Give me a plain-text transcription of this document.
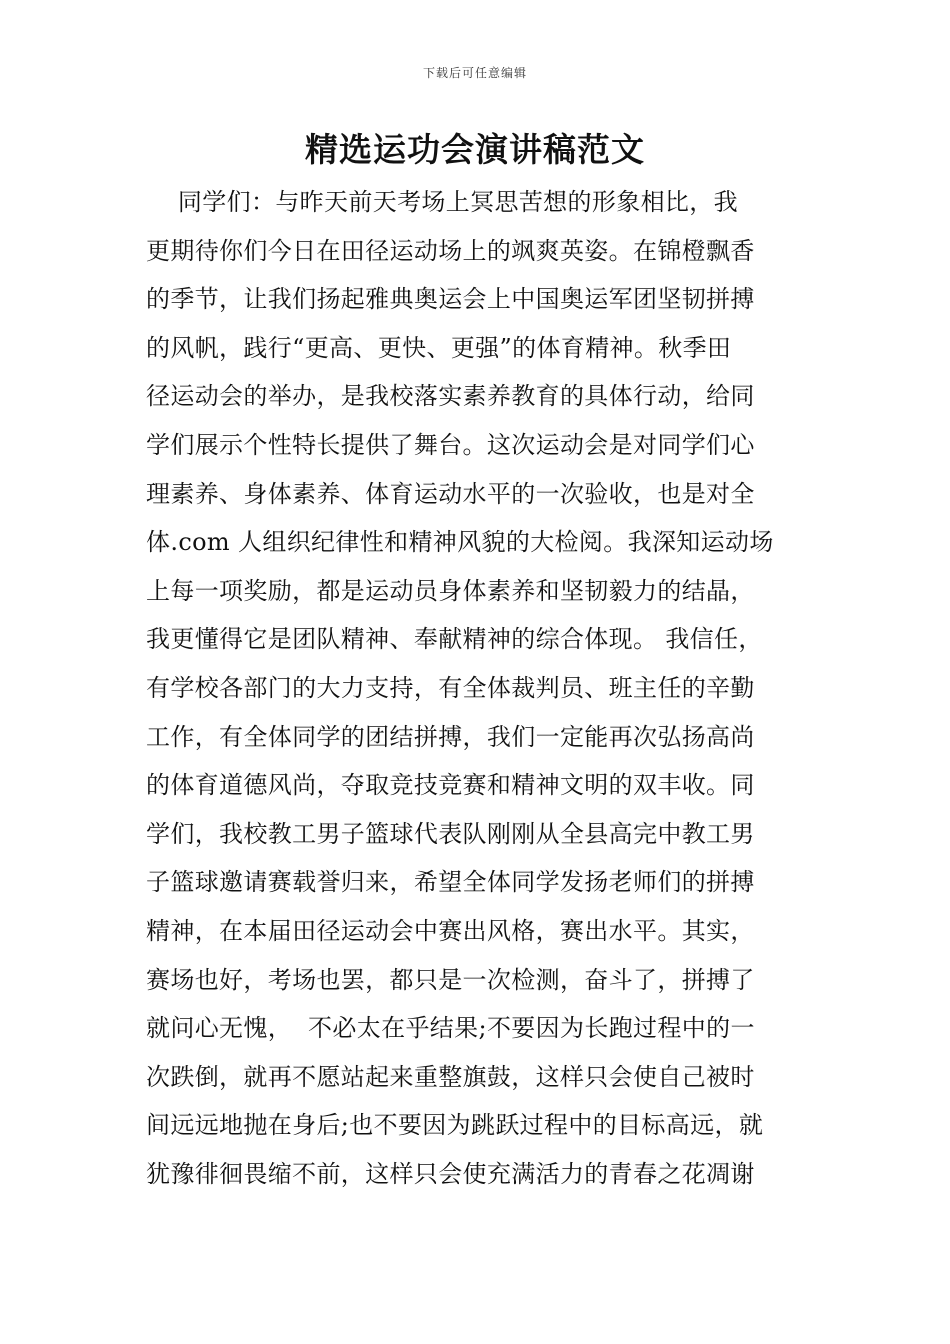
下载后可任意编辑
精选运功会演讲稿范文
同学们：与昨天前天考场上冥思苦想的形象相比，我
更期待你们今日在田径运动场上的飒爽英姿。在锦橙飘香
的季节，让我们扬起雅典奥运会上中国奥运军团坚韧拼搏
的风帆，践行“更高、更快、更强”的体育精神。秋季田
径运动会的举办，是我校落实素养教育的具体行动，给同
学们展示个性特长提供了舞台。这次运动会是对同学们心
理素养、身体素养、体育运动水平的一次验收，也是对全
体.com 人组织纪律性和精神风貌的大检阅。我深知运动场
上每一项奖励，都是运动员身体素养和坚韧毅力的结晶，
我更懂得它是团队精神、奉献精神的综合体现。 我信任，
有学校各部门的大力支持，有全体裁判员、班主任的辛勤
工作，有全体同学的团结拼搏，我们一定能再次弘扬高尚
的体育道德风尚，夺取竞技竞赛和精神文明的双丰收。同
学们，我校教工男子篮球代表队刚刚从全县高完中教工男
子篮球邀请赛载誉归来，希望全体同学发扬老师们的拼搏
精神，在本届田径运动会中赛出风格，赛出水平。其实，
赛场也好，考场也罢，都只是一次检测，奋斗了，拼搏了
就问心无愧，  不必太在乎结果;不要因为长跑过程中的一
次跌倒，就再不愿站起来重整旗鼓，这样只会使自己被时
间远远地抛在身后;也不要因为跳跃过程中的目标高远，就
犹豫徘徊畏缩不前，这样只会使充满活力的青春之花凋谢
